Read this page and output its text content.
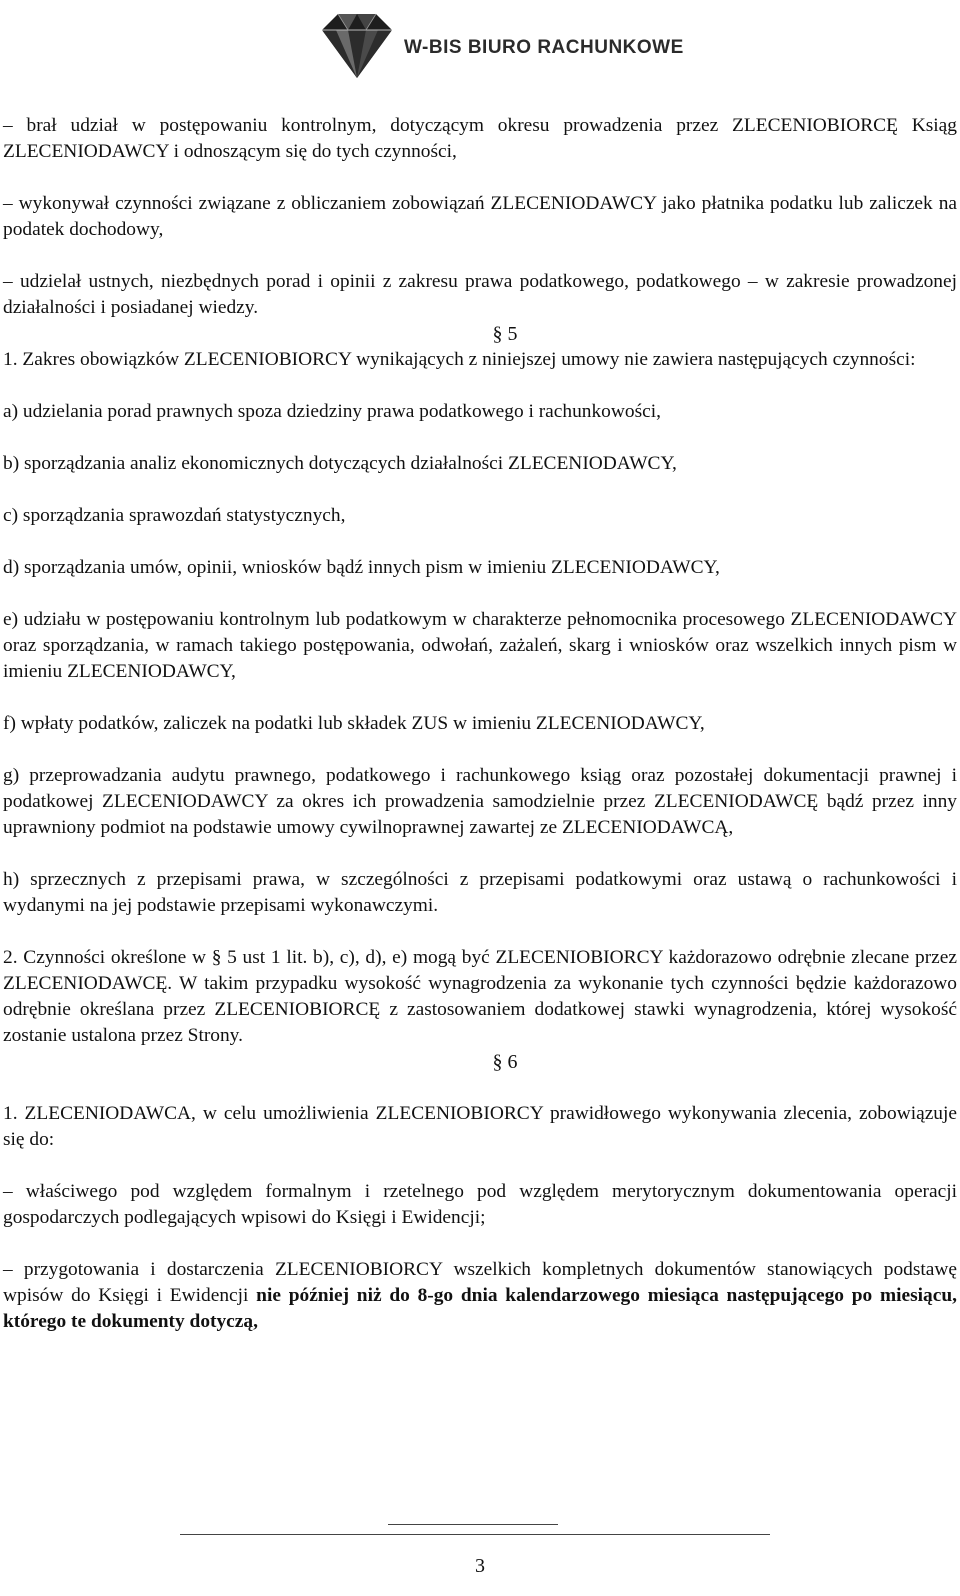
W-BIS BIURO RACHUNKOWE

– brał udział w postępowaniu kontrolnym, dotyczącym okresu prowadzenia przez ZLECENIOBIORCĘ Ksiąg ZLECENIODAWCY i odnoszącym się do tych czynności,

– wykonywał czynności związane z obliczaniem zobowiązań ZLECENIODAWCY jako płatnika podatku lub zaliczek na podatek dochodowy,

– udzielał ustnych, niezbędnych porad i opinii z zakresu prawa podatkowego, podatkowego – w zakresie prowadzonej działalności i posiadanej wiedzy.

§ 5

1. Zakres obowiązków ZLECENIOBIORCY wynikających z niniejszej umowy nie zawiera następujących czynności:

a) udzielania porad prawnych spoza dziedziny prawa podatkowego i rachunkowości,

b) sporządzania analiz ekonomicznych dotyczących działalności ZLECENIODAWCY,

c) sporządzania sprawozdań statystycznych,

d) sporządzania umów, opinii, wniosków bądź innych pism w imieniu ZLECENIODAWCY,

e) udziału w postępowaniu kontrolnym lub podatkowym w charakterze pełnomocnika procesowego ZLECENIODAWCY oraz sporządzania, w ramach takiego postępowania, odwołań, zażaleń, skarg i wniosków oraz wszelkich innych pism w imieniu ZLECENIODAWCY,

f) wpłaty podatków, zaliczek na podatki lub składek ZUS w imieniu ZLECENIODAWCY,

g) przeprowadzania audytu prawnego, podatkowego i rachunkowego ksiąg oraz pozostałej dokumentacji prawnej i podatkowej ZLECENIODAWCY za okres ich prowadzenia samodzielnie przez ZLECENIODAWCĘ bądź przez inny uprawniony podmiot na podstawie umowy cywilnoprawnej zawartej ze ZLECENIODAWCĄ,

h) sprzecznych z przepisami prawa, w szczególności z przepisami podatkowymi oraz ustawą o rachunkowości i wydanymi na jej podstawie przepisami wykonawczymi.

2. Czynności określone w § 5 ust 1 lit. b), c), d), e) mogą być ZLECENIOBIORCY każdorazowo odrębnie zlecane przez ZLECENIODAWCĘ. W takim przypadku wysokość wynagrodzenia za wykonanie tych czynności będzie każdorazowo odrębnie określana przez ZLECENIOBIORCĘ z zastosowaniem dodatkowej stawki wynagrodzenia, której wysokość zostanie ustalona przez Strony.

§ 6

1. ZLECENIODAWCA, w celu umożliwienia ZLECENIOBIORCY prawidłowego wykonywania zlecenia, zobowiązuje się do:

– właściwego pod względem formalnym i rzetelnego pod względem merytorycznym dokumentowania operacji gospodarczych podlegających wpisowi do Księgi i Ewidencji;

– przygotowania i dostarczenia ZLECENIOBIORCY wszelkich kompletnych dokumentów stanowiących podstawę wpisów do Księgi i Ewidencji nie później niż do 8-go dnia kalendarzowego miesiąca następującego po miesiącu, którego te dokumenty dotyczą,

3
